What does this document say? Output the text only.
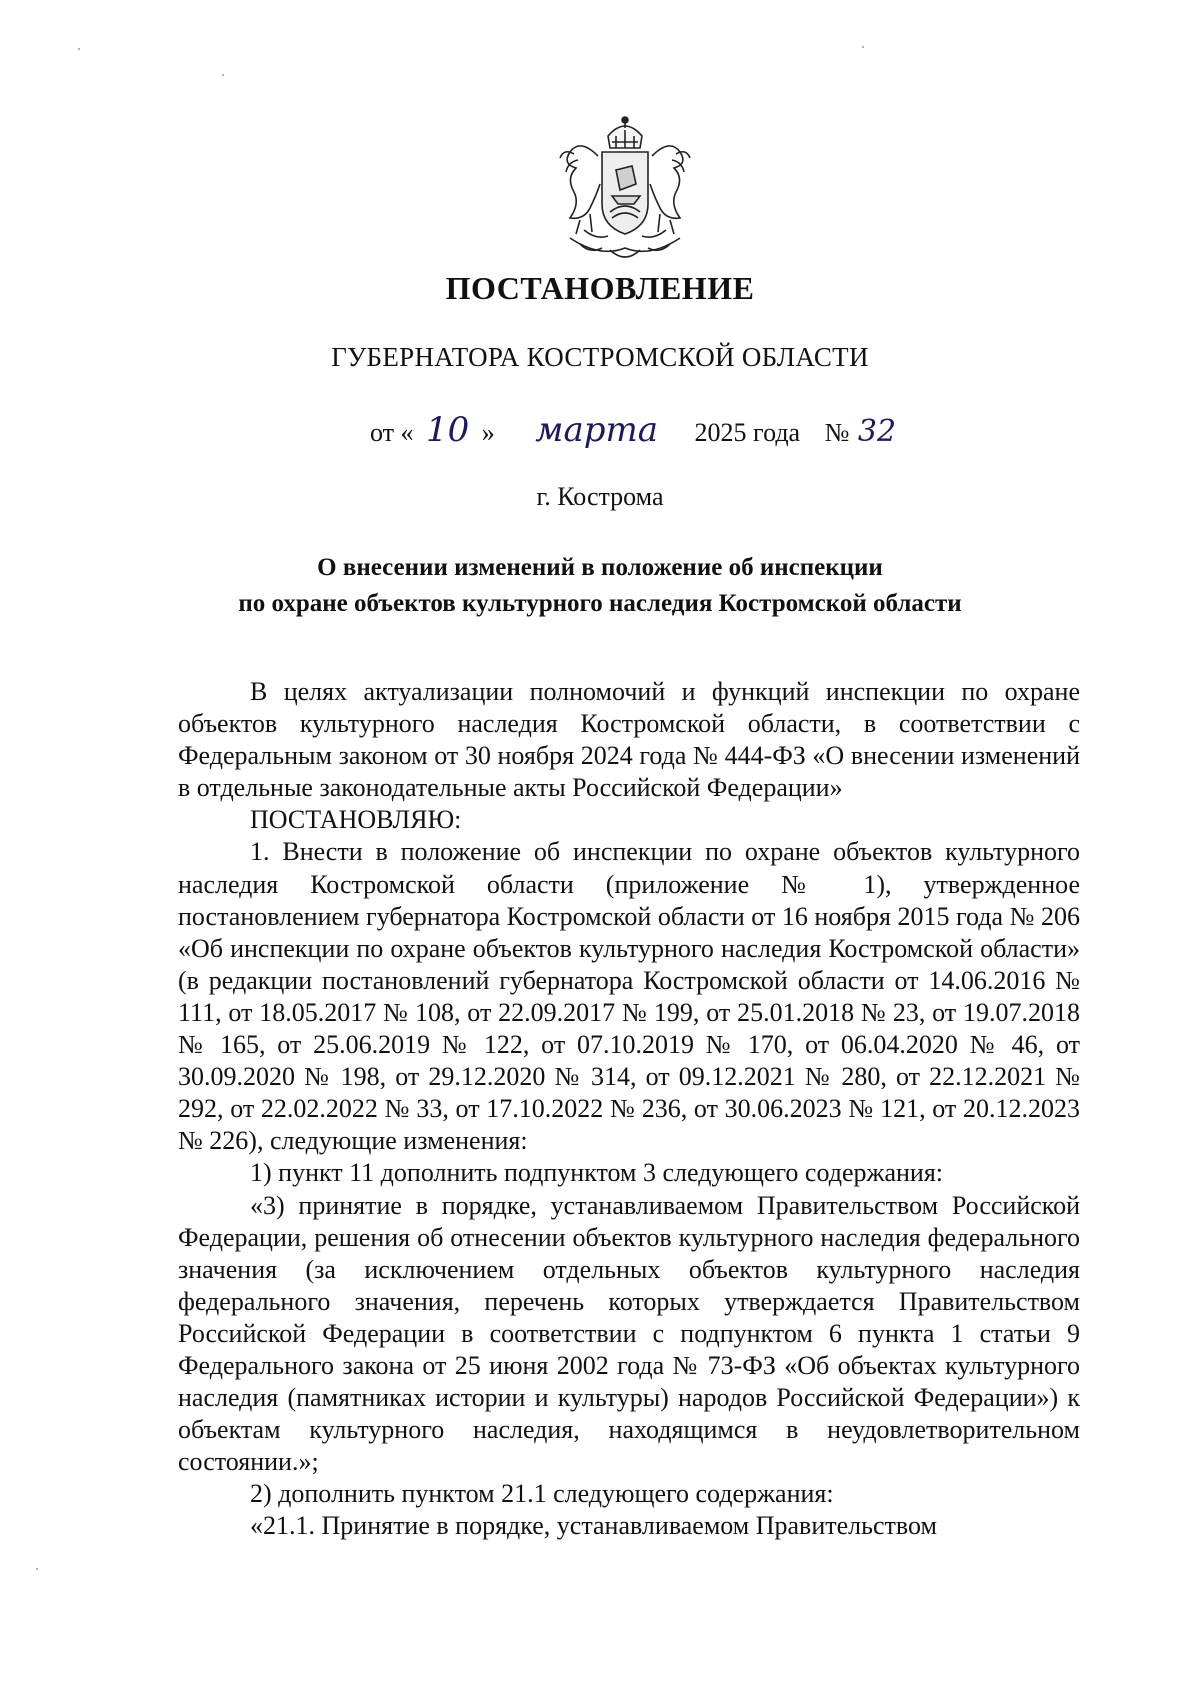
ПОСТАНОВЛЕНИЕ
ГУБЕРНАТОРА КОСТРОМСКОЙ ОБЛАСТИ
от « 10 » марта 2025 года № 32
г. Кострома
О внесении изменений в положение об инспекции
по охране объектов культурного наследия Костромской области

В целях актуализации полномочий и функций инспекции по охране объектов культурного наследия Костромской области, в соответствии с Федеральным законом от 30 ноября 2024 года № 444-ФЗ «О внесении изменений в отдельные законодательные акты Российской Федерации»

ПОСТАНОВЛЯЮ:

1. Внести в положение об инспекции по охране объектов культурного наследия Костромской области (приложение № 1), утвержденное постановлением губернатора Костромской области от 16 ноября 2015 года № 206 «Об инспекции по охране объектов культурного наследия Костромской области» (в редакции постановлений губернатора Костромской области от 14.06.2016 № 111, от 18.05.2017 № 108, от 22.09.2017 № 199, от 25.01.2018 № 23, от 19.07.2018 № 165, от 25.06.2019 № 122, от 07.10.2019 № 170, от 06.04.2020 № 46, от 30.09.2020 № 198, от 29.12.2020 № 314, от 09.12.2021 № 280, от 22.12.2021 № 292, от 22.02.2022 № 33, от 17.10.2022 № 236, от 30.06.2023 № 121, от 20.12.2023 № 226), следующие изменения:

1) пункт 11 дополнить подпунктом 3 следующего содержания:

«3) принятие в порядке, устанавливаемом Правительством Российской Федерации, решения об отнесении объектов культурного наследия федерального значения (за исключением отдельных объектов культурного наследия федерального значения, перечень которых утверждается Правительством Российской Федерации в соответствии с подпунктом 6 пункта 1 статьи 9 Федерального закона от 25 июня 2002 года № 73-ФЗ «Об объектах культурного наследия (памятниках истории и культуры) народов Российской Федерации») к объектам культурного наследия, находящимся в неудовлетворительном состоянии.»;

2) дополнить пунктом 21.1 следующего содержания:

«21.1. Принятие в порядке, устанавливаемом Правительством
